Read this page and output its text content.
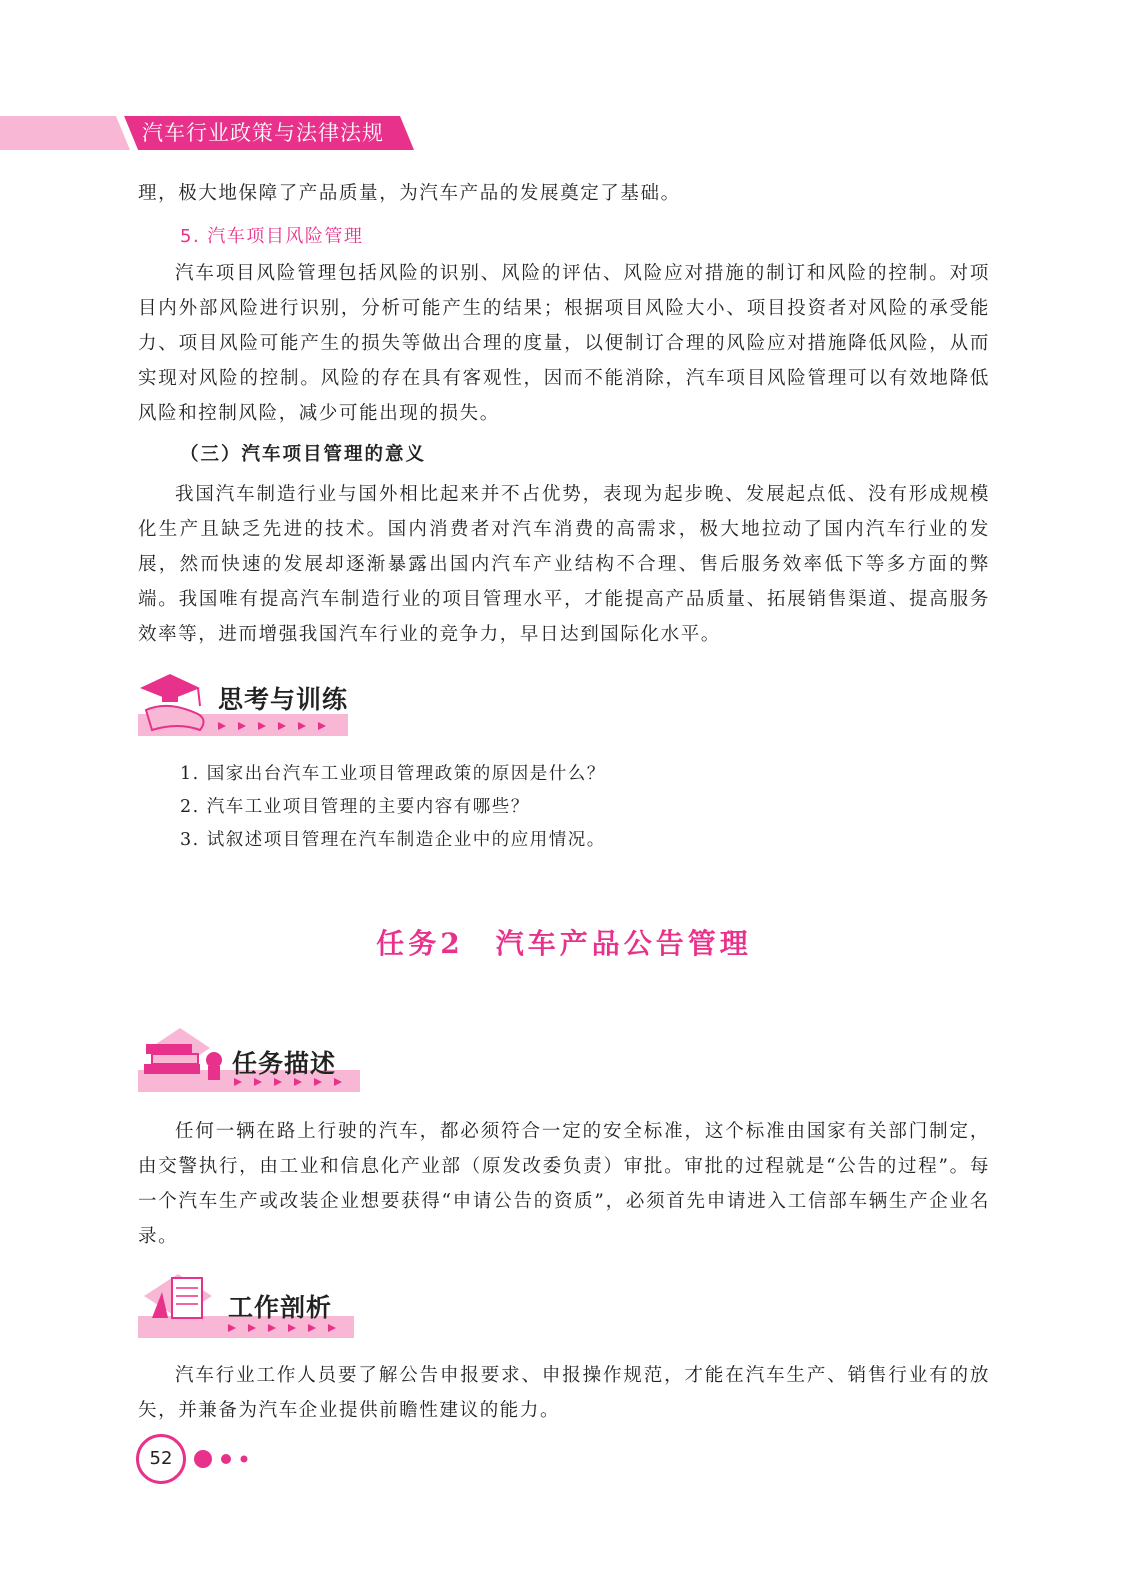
汽车行业政策与法律法规

理，极大地保障了产品质量，为汽车产品的发展奠定了基础。

5. 汽车项目风险管理

汽车项目风险管理包括风险的识别、风险的评估、风险应对措施的制订和风险的控制。对项目内外部风险进行识别，分析可能产生的结果；根据项目风险大小、项目投资者对风险的承受能力、项目风险可能产生的损失等做出合理的度量，以便制订合理的风险应对措施降低风险，从而实现对风险的控制。风险的存在具有客观性，因而不能消除，汽车项目风险管理可以有效地降低风险和控制风险，减少可能出现的损失。

（三）汽车项目管理的意义

我国汽车制造行业与国外相比起来并不占优势，表现为起步晚、发展起点低、没有形成规模化生产且缺乏先进的技术。国内消费者对汽车消费的高需求，极大地拉动了国内汽车行业的发展，然而快速的发展却逐渐暴露出国内汽车产业结构不合理、售后服务效率低下等多方面的弊端。我国唯有提高汽车制造行业的项目管理水平，才能提高产品质量、拓展销售渠道、提高服务效率等，进而增强我国汽车行业的竞争力，早日达到国际化水平。

思考与训练
1. 国家出台汽车工业项目管理政策的原因是什么？
2. 汽车工业项目管理的主要内容有哪些？
3. 试叙述项目管理在汽车制造企业中的应用情况。
任务2　汽车产品公告管理
任务描述

任何一辆在路上行驶的汽车，都必须符合一定的安全标准，这个标准由国家有关部门制定，由交警执行，由工业和信息化产业部（原发改委负责）审批。审批的过程就是“公告的过程”。每一个汽车生产或改装企业想要获得“申请公告的资质”，必须首先申请进入工信部车辆生产企业名录。

工作剖析

汽车行业工作人员要了解公告申报要求、申报操作规范，才能在汽车生产、销售行业有的放矢，并兼备为汽车企业提供前瞻性建议的能力。

52
